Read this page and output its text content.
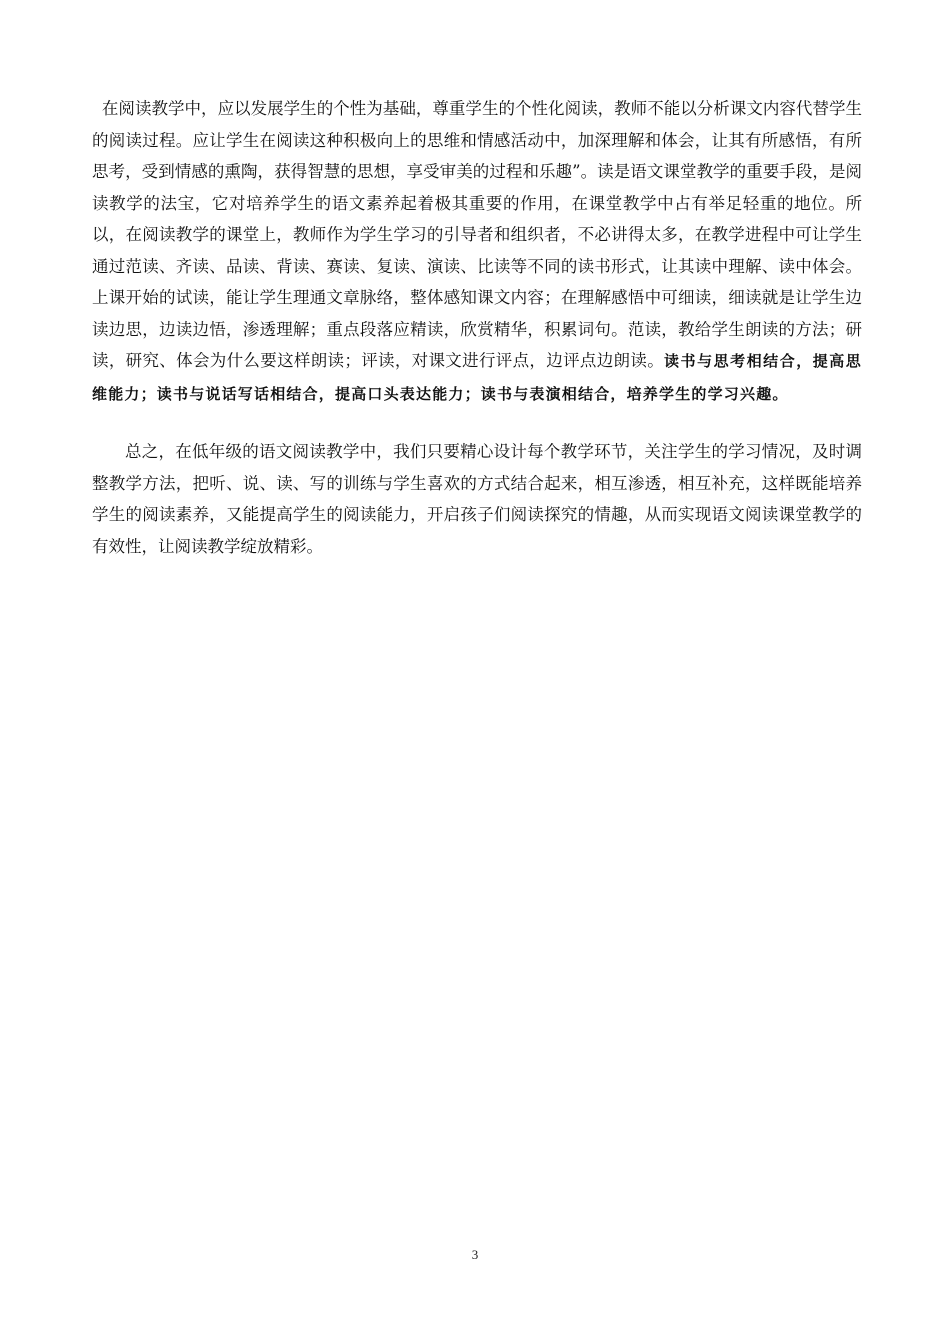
在阅读教学中，应以发展学生的个性为基础，尊重学生的个性化阅读，教师不能以分析课文内容代替学生的阅读过程。应让学生在阅读这种积极向上的思维和情感活动中，加深理解和体会，让其有所感悟，有所思考，受到情感的熏陶，获得智慧的思想，享受审美的过程和乐趣”。读是语文课堂教学的重要手段，是阅读教学的法宝，它对培养学生的语文素养起着极其重要的作用，在课堂教学中占有举足轻重的地位。所以，在阅读教学的课堂上，教师作为学生学习的引导者和组织者，不必讲得太多，在教学进程中可让学生通过范读、齐读、品读、背读、赛读、复读、演读、比读等不同的读书形式，让其读中理解、读中体会。上课开始的试读，能让学生理通文章脉络，整体感知课文内容；在理解感悟中可细读，细读就是让学生边读边思，边读边悟，渗透理解；重点段落应精读，欣赏精华，积累词句。范读，教给学生朗读的方法；研读，研究、体会为什么要这样朗读；评读，对课文进行评点，边评点边朗读。读书与思考相结合，提高思维能力；读书与说话写话相结合，提高口头表达能力；读书与表演相结合，培养学生的学习兴趣。

总之，在低年级的语文阅读教学中，我们只要精心设计每个教学环节，关注学生的学习情况，及时调整教学方法，把听、说、读、写的训练与学生喜欢的方式结合起来，相互渗透，相互补充，这样既能培养学生的阅读素养，又能提高学生的阅读能力，开启孩子们阅读探究的情趣，从而实现语文阅读课堂教学的有效性，让阅读教学绽放精彩。

3
